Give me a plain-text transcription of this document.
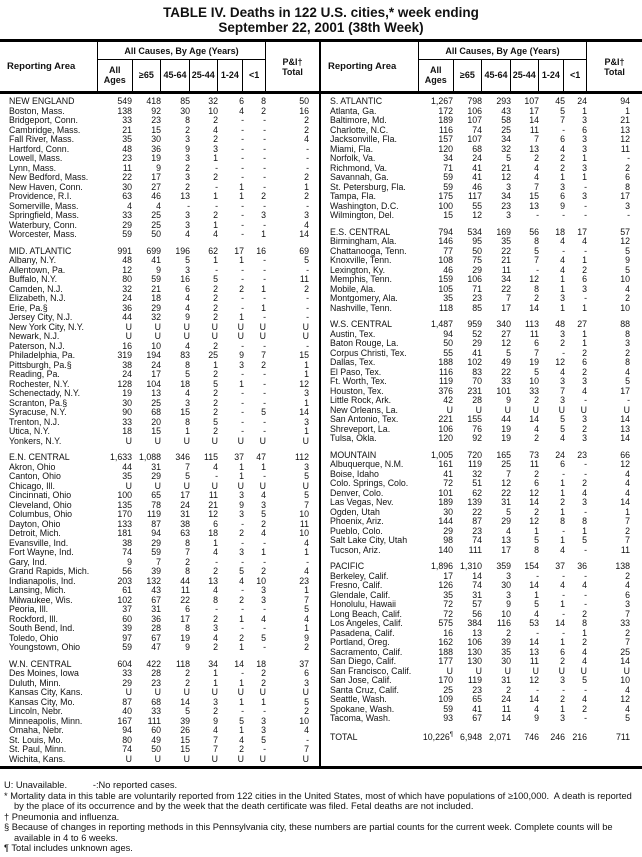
TABLE IV. Deaths in 122 U.S. cities,* week ending
September 22, 2001 (38th Week)
Reporting Area
All Causes, By Age (Years)
All Ages	≥65	45-64 25-44 1-24	<1
P&I†
Total
NEW ENGLAND	549	418	85	32	6	8	50
Boston, Mass.	138	92	30	10	4	2	16
Bridgeport, Conn.	33	23	8	2	-	-	2
Cambridge, Mass.	21	15	2	4	-	-	2
Fall River, Mass.	35	30	3	2	-	-	4
Hartford, Conn.	48	36	9	3	-	-	-
Lowell, Mass.	23	19	3	1	-	-	-
Lynn, Mass.	11	9	2	-	-	-	-
New Bedford, Mass.	22	17	3	2	-	-	2
New Haven, Conn.	30	27	2	-	1	-	1
Providence, R.I.	63	46	13	1	1	2	2
Somerville, Mass.	4	4	-	-	-	-	-
Springfield, Mass.	33	25	3	2	-	3	3
Waterbury, Conn.	29	25	3	1	-	-	4
Worcester, Mass.	59	50	4	4	-	1	14
MID. ATLANTIC	991	699	196	62	17	16	69
Albany, N.Y.	48	41	5	1	1	-	5
Allentown, Pa.	12	9	3	-	-	-	-
Buffalo, N.Y.	80	59	16	5	-	-	11
Camden, N.J.	32	21	6	2	2	1	2
Elizabeth, N.J.	24	18	4	2	-	-	-
Erie, Pa.§	36	29	4	2	-	1	-
Jersey City, N.J.	44	32	9	2	1	-	-
New York City, N.Y.	U	U	U	U	U	U	U
Newark, N.J.	U	U	U	U	U	U	U
Paterson, N.J.	16	10	4	2	-	-	-
Philadelphia, Pa.	319	194	83	25	9	7	15
Pittsburgh, Pa.§	38	24	8	1	3	2	1
Reading, Pa.	24	17	5	2	-	-	1
Rochester, N.Y.	128	104	18	5	1	-	12
Schenectady, N.Y.	19	13	4	2	-	-	3
Scranton, Pa.§	30	25	3	2	-	-	1
Syracuse, N.Y.	90	68	15	2	-	5	14
Trenton, N.J.	33	20	8	5	-	-	3
Utica, N.Y.	18	15	1	2	-	-	1
Yonkers, N.Y.	U	U	U	U	U	U	U
E.N. CENTRAL	1,633 1,088	346	115	37	47	112
Akron, Ohio	44	31	7	4	1	1	3
Canton, Ohio	35	29	5	-	1	-	5
Chicago, Ill.	U	U	U	U	U	U	U
Cincinnati, Ohio	100	65	17	11	3	4	5
Cleveland, Ohio	135	78	24	21	9	3	7
Columbus, Ohio	170	119	31	12	3	5	10
Dayton, Ohio	133	87	38	6	-	2	11
Detroit, Mich.	181	94	63	18	2	4	10
Evansville, Ind.	38	29	8	1	-	-	4
Fort Wayne, Ind.	74	59	7	4	3	1	1
Gary, Ind.	9	7	2	-	-	-	-
Grand Rapids, Mich.	56	39	8	2	5	2	4
Indianapolis, Ind.	203	132	44	13	4	10	23
Lansing, Mich.	61	43	11	4	-	3	1
Milwaukee, Wis.	102	67	22	8	2	3	7
Peoria, Ill.	37	31	6	-	-	-	5
Rockford, Ill.	60	36	17	2	1	4	4
South Bend, Ind.	39	28	8	3	-	-	1
Toledo, Ohio	97	67	19	4	2	5	9
Youngstown, Ohio	59	47	9	2	1	-	2
W.N. CENTRAL	604	422	118	34	14	18	37
Des Moines, Iowa	33	28	2	1	-	2	6
Duluth, Minn.	29	23	2	1	1	2	3
Kansas City, Kans.	U	U	U	U	U	U	U
Kansas City, Mo.	87	68	14	3	1	1	5
Lincoln, Nebr.	40	33	5	2	-	-	2
Minneapolis, Minn.	167	111	39	9	5	3	10
Omaha, Nebr.	94	60	26	4	1	3	4
St. Louis, Mo.	80	49	15	7	4	5	-
St. Paul, Minn.	74	50	15	7	2	-	7
Wichita, Kans.	U	U	U	U	U	U	U
Reporting Area
All Causes, By Age (Years)
All Ages	≥65	45-64 25-44 1-24	<1
P&I†
Total
S. ATLANTIC	1,267	798	293	107	45	24	94
Atlanta, Ga.	172	106	43	17	5	1	1
Baltimore, Md.	189	107	58	14	7	3	21
Charlotte, N.C.	116	74	25	11	-	6	13
Jacksonville, Fla.	157	107	34	7	6	3	12
Miami, Fla.	120	68	32	13	4	3	11
Norfolk, Va.	34	24	5	2	2	1	-
Richmond, Va.	71	41	21	4	2	3	2
Savannah, Ga.	59	41	12	4	1	1	6
St. Petersburg, Fla.	59	46	3	7	3	-	8
Tampa, Fla.	175	117	34	15	6	3	17
Washington, D.C.	100	55	23	13	9	-	3
Wilmington, Del.	15	12	3	-	-	-	-
E.S. CENTRAL	794	534	169	56	18	17	57
Birmingham, Ala.	146	95	35	8	4	4	12
Chattanooga, Tenn.	77	50	22	5	-	-	5
Knoxville, Tenn.	108	75	21	7	4	1	9
Lexington, Ky.	46	29	11	-	4	2	5
Memphis, Tenn.	159	106	34	12	1	6	10
Mobile, Ala.	105	71	22	8	1	3	4
Montgomery, Ala.	35	23	7	2	3	-	2
Nashville, Tenn.	118	85	17	14	1	1	10
W.S. CENTRAL	1,487	959	340	113	48	27	88
Austin, Tex.	94	52	27	11	3	1	8
Baton Rouge, La.	50	29	12	6	2	1	3
Corpus Christi, Tex.	55	41	5	7	-	2	2
Dallas, Tex.	188	102	49	19	12	6	8
El Paso, Tex.	116	83	22	5	4	2	4
Ft. Worth, Tex.	119	70	33	10	3	3	5
Houston, Tex.	376	231	101	33	7	4	17
Little Rock, Ark.	42	28	9	2	3	-	-
New Orleans, La.	U	U	U	U	U	U	U
San Antonio, Tex.	221	155	44	14	5	3	14
Shreveport, La.	106	76	19	4	5	2	13
Tulsa, Okla.	120	92	19	2	4	3	14
MOUNTAIN	1,005	720	165	73	24	23	66
Albuquerque, N.M.	161	119	25	11	6	-	12
Boise, Idaho	41	32	7	2	-	-	4
Colo. Springs, Colo.	72	51	12	6	1	2	4
Denver, Colo.	101	62	22	12	1	4	4
Las Vegas, Nev.	189	139	31	14	2	3	14
Ogden, Utah	30	22	5	2	1	-	1
Phoenix, Ariz.	144	87	29	12	8	8	7
Pueblo, Colo.	29	23	4	1	-	1	2
Salt Lake City, Utah	98	74	13	5	1	5	7
Tucson, Ariz.	140	111	17	8	4	-	11
PACIFIC	1,896 1,310	359	154	37	36	138
Berkeley, Calif.	17	14	3	-	-	-	2
Fresno, Calif.	126	74	30	14	4	4	4
Glendale, Calif.	35	31	3	1	-	-	6
Honolulu, Hawaii	72	57	9	5	1	-	3
Long Beach, Calif.	72	56	10	4	-	2	7
Los Angeles, Calif.	575	384	116	53	14	8	33
Pasadena, Calif.	16	13	2	-	-	1	2
Portland, Oreg.	162	106	39	14	1	2	7
Sacramento, Calif.	188	130	35	13	6	4	25
San Diego, Calif.	177	130	30	11	2	4	14
San Francisco, Calif.	U	U	U	U	U	U	U
San Jose, Calif.	170	119	31	12	3	5	10
Santa Cruz, Calif.	25	23	2	-	-	-	4
Seattle, Wash.	109	65	24	14	2	4	12
Spokane, Wash.	59	41	11	4	1	2	4
Tacoma, Wash.	93	67	14	9	3	-	5
TOTAL	10,226¶ 6,948 2,071	746	246 216	711
U: Unavailable.          -:No reported cases.
* Mortality data in this table are voluntarily reported from 122 cities in the United States, most of which have populations of ≥100,000.  A death is reported by the place of its occurrence and by the week that the death certificate was filed. Fetal deaths are not included.
† Pneumonia and influenza.
§ Because of changes in reporting methods in this Pennsylvania city, these numbers are partial counts for the current week. Complete counts will be available in 4 to 6 weeks.
¶ Total includes unknown ages.
